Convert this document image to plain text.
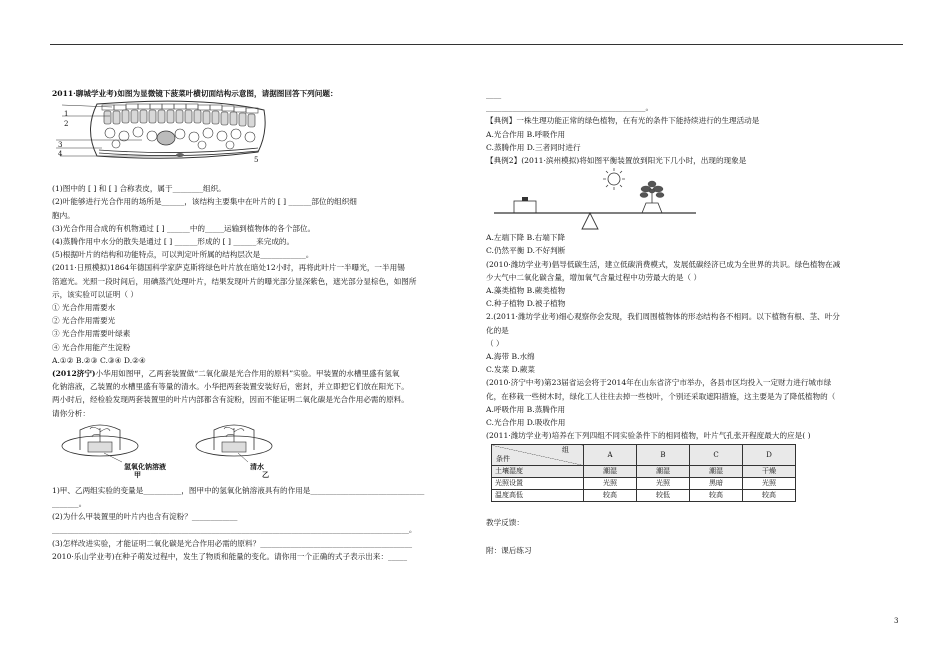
2011·聊城学业考)如图为显微镜下菠菜叶横切面结构示意图，请据图回答下列问题：

1
2
3
4
5

(1)图中的 [ ] 和 [ ] 合称表皮，属于________组织。

(2)叶能够进行光合作用的场所是______，该结构主要集中在叶片的 [ ] ______部位的组织细

胞内。

(3)光合作用合成的有机物通过 [ ] ______中的_____运输到植物体的各个部位。

(4)蒸腾作用中水分的散失是通过 [ ] ______形成的 [ ] ______来完成的。

(5)根据叶片的结构和功能特点，可以判定叶所属的结构层次是____________。

(2011·日照模拟)1864年德国科学家萨克斯将绿色叶片放在暗处12小时，再将此叶片一半曝光，一半用锡

箔遮光。光照一段时间后，用碘蒸汽处理叶片，结果发现叶片的曝光部分显深紫色，遮光部分显棕色，如图所

示，该实验可以证明（ ）

① 光合作用需要水

② 光合作用需要光

③ 光合作用需要叶绿素

④ 光合作用能产生淀粉

A.①② B.②③ C.③④ D.②④

(2012济宁)小华用如图甲，乙两套装置做“二氧化碳是光合作用的原料”实验。甲装置的水槽里盛有氢氧

化钠溶液，乙装置的水槽里盛有等量的清水。小华把两套装置安装好后，密封，并立即把它们放在阳光下。

两小时后，经检验发现两套装置里的叶片内部都含有淀粉，因而不能证明二氧化碳是光合作用必需的原料。

请你分析：

氢氧化钠溶液	清水
甲	乙

1)甲、乙两组实验的变量是__________，图甲中的氢氧化钠溶液具有的作用是______________________________

_______。

(2)为什么甲装置里的叶片内也含有淀粉？____________

______________________________________________________________________________________________。

(3)怎样改进实验，才能证明二氧化碳是光合作用必需的原料？________________________________________

2010·乐山学业考)在种子萌发过程中，发生了物质和能量的变化。请你用一个正确的式子表示出来：_____

____

__________________________________________。

【典例】一株生理功能正常的绿色植物，在有光的条件下能持续进行的生理活动是

A.光合作用 B.呼吸作用

C.蒸腾作用 D.三者同时进行

【典例2】(2011·滨州模拟)将如图平衡装置放到阳光下几小时，出现的现象是

A.左端下降 B.右端下降

C.仍然平衡 D.不好判断

(2010·潍坊学业考)倡导低碳生活，建立低碳消费模式，发展低碳经济已成为全世界的共识。绿色植物在减

少大气中二氧化碳含量，增加氧气含量过程中功劳最大的是（ ）

A.藻类植物 B.蕨类植物

C.种子植物 D.被子植物

2.(2011·潍坊学业考)细心观察你会发现，我们周围植物体的形态结构各不相同。以下植物有根、茎、叶分

化的是

（ ）

A.海带 B.水绵

C.发菜 D.蕨菜

(2010·济宁中考)第23届省运会将于2014年在山东省济宁市举办，各县市区均投入一定财力进行城市绿

化，在移栽一些树木时，绿化工人往往去掉一些枝叶，个别还采取遮阳措施，这主要是为了降低植物的（

A.呼吸作用 B.蒸腾作用

C.光合作用 D.吸收作用

(2011·潍坊学业考)培养在下列四组不同实验条件下的相同植物，叶片气孔张开程度最大的应是( )

组
条件	A	B	C	D
土壤湿度	潮湿	潮湿	潮湿	干燥
光照设置	光照	光照	黑暗	光照
温度高低	较高	较低	较高	较高

教学反馈：

附：课后练习

3
